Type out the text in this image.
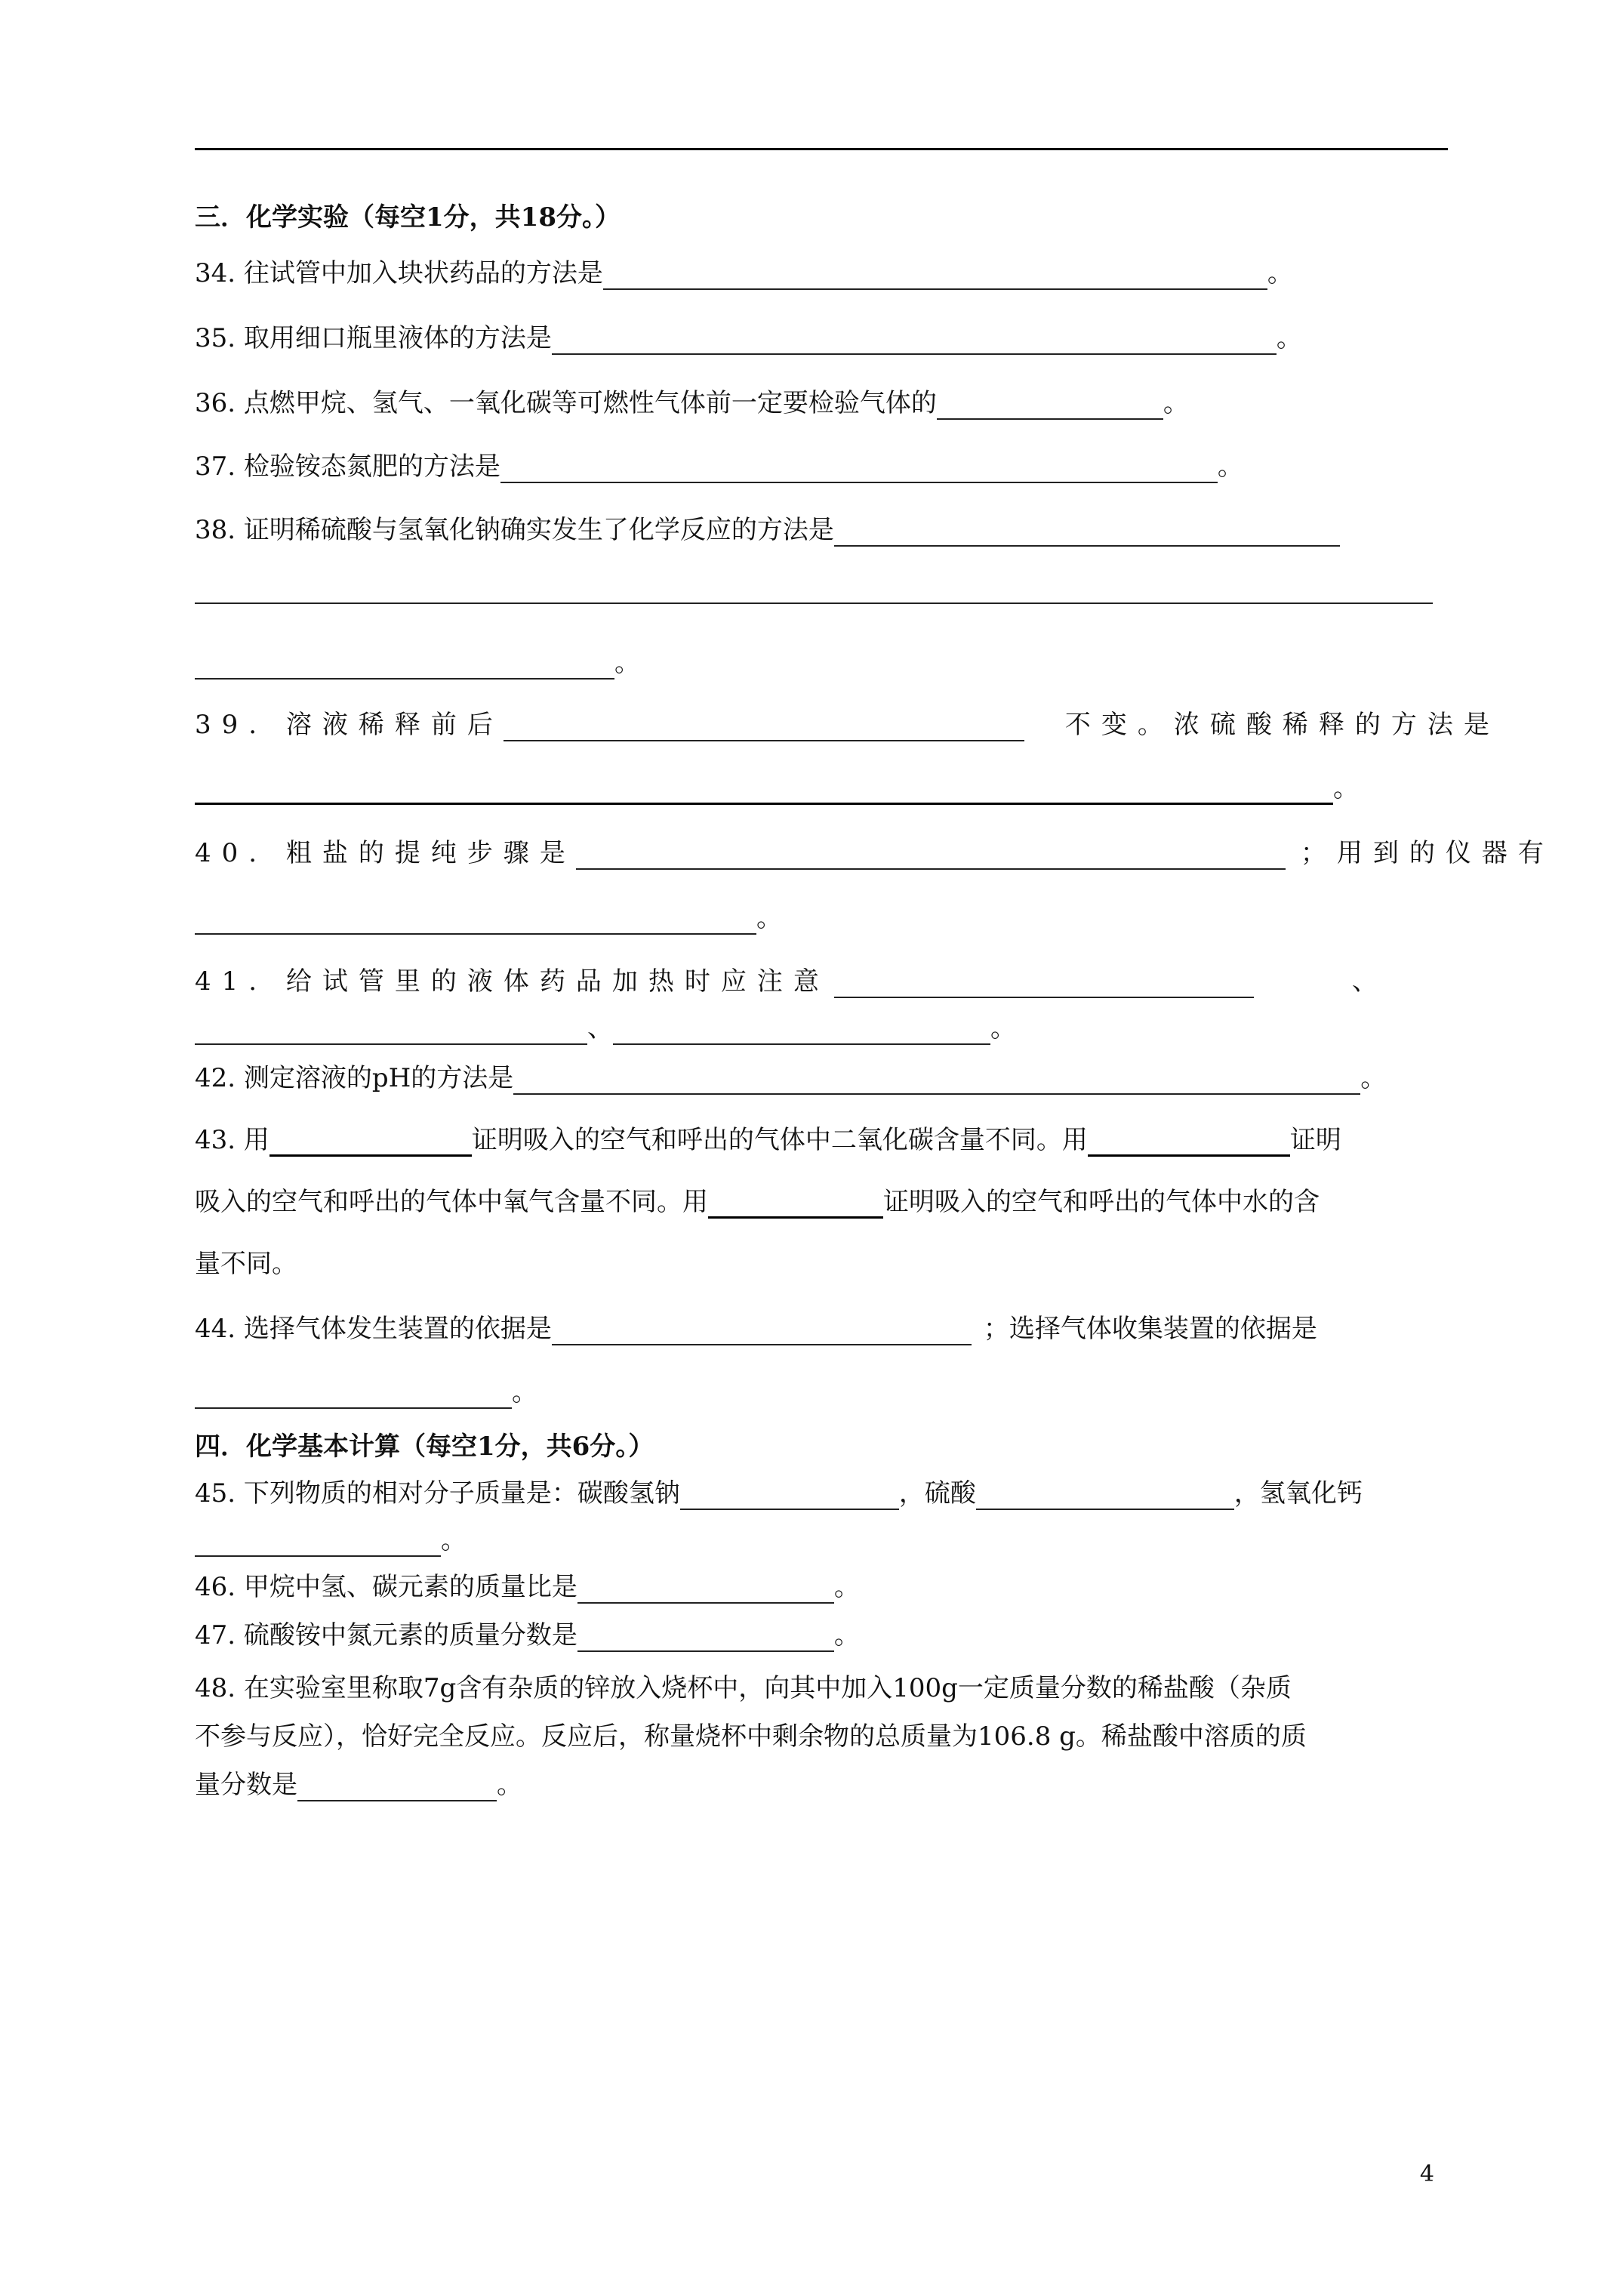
三．化学实验（每空1分，共18分。）
34. 往试管中加入块状药品的方法是	。
35. 取用细口瓶里液体的方法是	。
36. 点燃甲烷、氢气、一氧化碳等可燃性气体前一定要检验气体的	。
37. 检验铵态氮肥的方法是	。
38. 证明稀硫酸与氢氧化钠确实发生了化学反应的方法是
。
39. 溶液稀释前后	不变。浓硫酸稀释的方法是
。
40. 粗盐的提纯步骤是	；用到的仪器有
。
41. 给试管里的液体药品加热时应注意	、
、	。
42. 测定溶液的pH的方法是	。
43. 用	证明吸入的空气和呼出的气体中二氧化碳含量不同。用	证明
吸入的空气和呼出的气体中氧气含量不同。用	证明吸入的空气和呼出的气体中水的含
量不同。
44. 选择气体发生装置的依据是	；选择气体收集装置的依据是
。
四．化学基本计算（每空1分，共6分。）
45. 下列物质的相对分子质量是：碳酸氢钠	，硫酸	，氢氧化钙
。
46. 甲烷中氢、碳元素的质量比是	。
47. 硫酸铵中氮元素的质量分数是	。
48. 在实验室里称取7g含有杂质的锌放入烧杯中，向其中加入100g一定质量分数的稀盐酸（杂质
不参与反应），恰好完全反应。反应后，称量烧杯中剩余物的总质量为106.8 g。稀盐酸中溶质的质
量分数是	。
4
